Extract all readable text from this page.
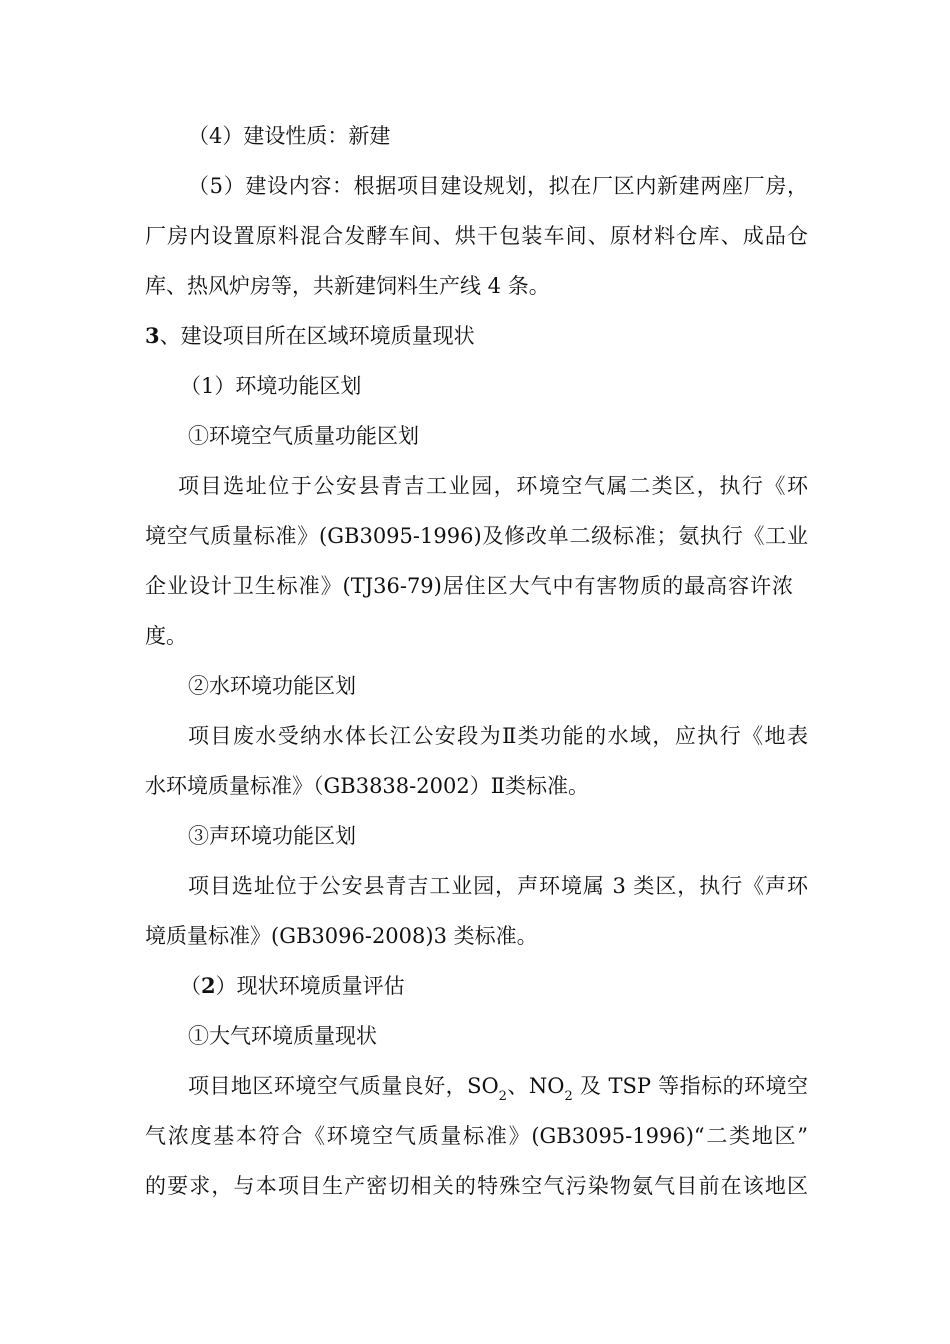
（4）建设性质：新建
（5）建设内容：根据项目建设规划，拟在厂区内新建两座厂房，
厂房内设置原料混合发酵车间、烘干包装车间、原材料仓库、成品仓
库、热风炉房等，共新建饲料生产线 4 条。
3、建设项目所在区域环境质量现状
（1）环境功能区划
①环境空气质量功能区划
项目选址位于公安县青吉工业园，环境空气属二类区，执行《环
境空气质量标准》(GB3095-1996)及修改单二级标准；氨执行《工业
企业设计卫生标准》(TJ36-79)居住区大气中有害物质的最高容许浓
度。
②水环境功能区划
项目废水受纳水体长江公安段为Ⅱ类功能的水域，应执行《地表
水环境质量标准》（GB3838-2002）Ⅱ类标准。
③声环境功能区划
项目选址位于公安县青吉工业园，声环境属 3 类区，执行《声环
境质量标准》(GB3096-2008)3 类标准。
（2）现状环境质量评估
①大气环境质量现状
项目地区环境空气质量良好，$SO_2$、$NO_2$ 及 TSP 等指标的环境空
气浓度基本符合《环境空气质量标准》(GB3095-1996)“二类地区”
的要求，与本项目生产密切相关的特殊空气污染物氨气目前在该地区
